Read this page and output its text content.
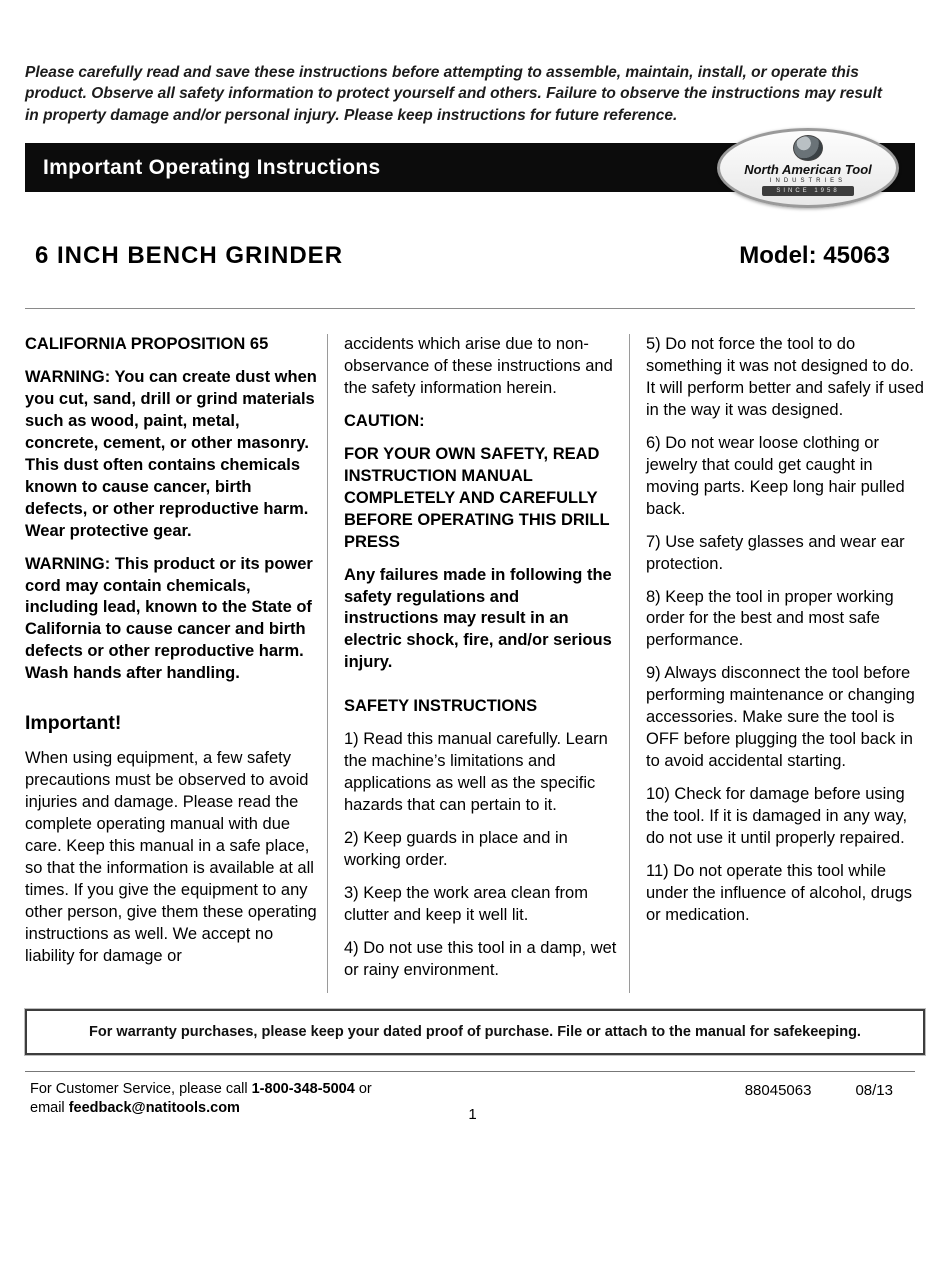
Please carefully read and save these instructions before attempting to assemble, maintain, install, or operate this product. Observe all safety information to protect yourself and others. Failure to observe the instructions may result in property damage and/or personal injury. Please keep instructions for future reference.

Important Operating Instructions	North American Tool
INDUSTRIES
SINCE 1958
6 INCH BENCH GRINDER	Model: 45063

CALIFORNIA PROPOSITION 65

WARNING: You can create dust when you cut, sand, drill or grind materials such as wood, paint, metal, concrete, cement, or other masonry. This dust often contains chemicals known to cause cancer, birth defects, or other reproductive harm. Wear protective gear.

WARNING: This product or its power cord may contain chemicals, including lead, known to the State of California to cause cancer and birth defects or other reproductive harm. Wash hands after handling.

Important!

When using equipment, a few safety precautions must be observed to avoid injuries and damage. Please read the complete operating manual with due care. Keep this manual in a safe place, so that the information is available at all times. If you give the equipment to any other person, give them these operating instructions as well. We accept no liability for damage or

accidents which arise due to non-observance of these instructions and the safety information herein.

CAUTION:

FOR YOUR OWN SAFETY, READ INSTRUCTION MANUAL COMPLETELY AND CAREFULLY BEFORE OPERATING THIS DRILL PRESS

Any failures made in following the safety regulations and instructions may result in an electric shock, fire, and/or serious injury.

SAFETY INSTRUCTIONS

1) Read this manual carefully. Learn the machine’s limitations and applications as well as the specific hazards that can pertain to it.

2) Keep guards in place and in working order.

3) Keep the work area clean from clutter and keep it well lit.

4) Do not use this tool in a damp, wet or rainy environment.

5) Do not force the tool to do something it was not designed to do. It will perform better and safely if used in the way it was designed.

6) Do not wear loose clothing or jewelry that could get caught in moving parts. Keep long hair pulled back.

7) Use safety glasses and wear ear protection.

8) Keep the tool in proper working order for the best and most safe performance.

9) Always disconnect the tool before performing maintenance or changing accessories. Make sure the tool is OFF before plugging the tool back in to avoid accidental starting.

10) Check for damage before using the tool. If it is damaged in any way, do not use it until properly repaired.

11) Do not operate this tool while under the influence of alcohol, drugs or medication.

For warranty purchases, please keep your dated proof of purchase. File or attach to the manual for safekeeping.
For Customer Service, please call 1-800-348-5004 or
email feedback@natitools.com	1
88045063	08/13
